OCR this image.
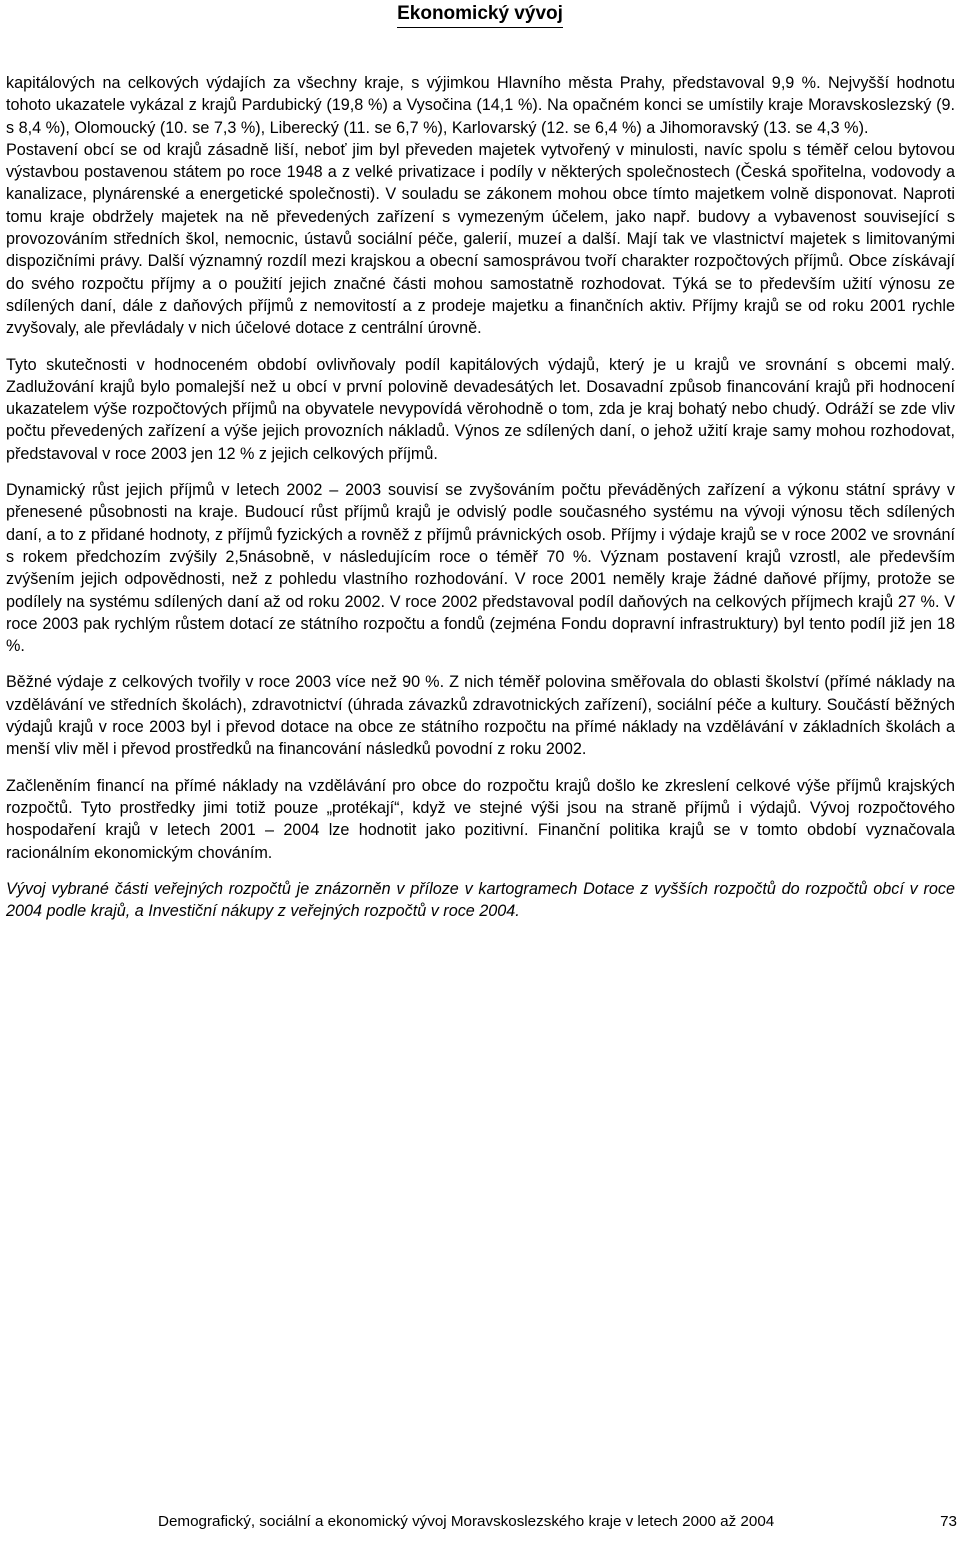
Ekonomický vývoj

kapitálových na celkových výdajích za všechny kraje, s výjimkou Hlavního města Prahy, představoval 9,9 %. Nejvyšší hodnotu tohoto ukazatele vykázal z krajů Pardubický (19,8 %) a Vysočina (14,1 %). Na opačném konci se umístily kraje Moravskoslezský (9. s 8,4 %), Olomoucký (10. se 7,3 %), Liberecký (11. se 6,7 %), Karlovarský (12. se 6,4 %) a Jihomoravský (13. se 4,3 %).

Postavení obcí se od krajů zásadně liší, neboť jim byl převeden majetek vytvořený v minulosti, navíc spolu s téměř celou bytovou výstavbou postavenou státem po roce 1948 a z velké privatizace i podíly v některých společnostech (Česká spořitelna, vodovody a kanalizace, plynárenské a energetické společnosti). V souladu se zákonem mohou obce tímto majetkem volně disponovat. Naproti tomu kraje obdržely majetek na ně převedených zařízení s vymezeným účelem, jako např. budovy a vybavenost související s provozováním středních škol, nemocnic, ústavů sociální péče, galerií, muzeí a další. Mají tak ve vlastnictví majetek s limitovanými dispozičními právy. Další významný rozdíl mezi krajskou a obecní samosprávou tvoří charakter rozpočtových příjmů. Obce získávají do svého rozpočtu příjmy a o použití jejich značné části mohou samostatně rozhodovat. Týká se to především užití výnosu ze sdílených daní, dále z daňových příjmů z nemovitostí a z prodeje majetku a finančních aktiv. Příjmy krajů se od roku 2001 rychle zvyšovaly, ale převládaly v nich účelové dotace z centrální úrovně.

Tyto skutečnosti v hodnoceném období ovlivňovaly podíl kapitálových výdajů, který je u krajů ve srovnání s obcemi malý. Zadlužování krajů bylo pomalejší než u obcí v první polovině devadesátých let. Dosavadní způsob financování krajů při hodnocení ukazatelem výše rozpočtových příjmů na obyvatele nevypovídá věrohodně o tom, zda je kraj bohatý nebo chudý. Odráží se zde vliv počtu převedených zařízení a výše jejich provozních nákladů. Výnos ze sdílených daní, o jehož užití kraje samy mohou rozhodovat, představoval v roce 2003 jen 12 % z jejich celkových příjmů.

Dynamický růst jejich příjmů v letech 2002 – 2003 souvisí se zvyšováním počtu převáděných zařízení a výkonu státní správy v přenesené působnosti na kraje. Budoucí růst příjmů krajů je odvislý podle současného systému na vývoji výnosu těch sdílených daní, a to z přidané hodnoty, z příjmů fyzických a rovněž z příjmů právnických osob. Příjmy i výdaje krajů se v roce 2002 ve srovnání s rokem předchozím zvýšily 2,5násobně, v následujícím roce o téměř 70 %. Význam postavení krajů vzrostl, ale především zvýšením jejich odpovědnosti, než z pohledu vlastního rozhodování. V roce 2001 neměly kraje žádné daňové příjmy, protože se podílely na systému sdílených daní až od roku 2002. V roce 2002 představoval podíl daňových na celkových příjmech krajů 27 %. V roce 2003 pak rychlým růstem dotací ze státního rozpočtu a fondů (zejména Fondu dopravní infrastruktury) byl tento podíl již jen 18 %.

Běžné výdaje z celkových tvořily v roce 2003 více než 90 %. Z nich téměř polovina směřovala do oblasti školství (přímé náklady na vzdělávání ve středních školách), zdravotnictví (úhrada závazků zdravotnických zařízení), sociální péče a kultury. Součástí běžných výdajů krajů v roce 2003 byl i převod dotace na obce ze státního rozpočtu na přímé náklady na vzdělávání v základních školách a menší vliv měl i převod prostředků na financování následků povodní z roku 2002.

Začleněním financí na přímé náklady na vzdělávání pro obce do rozpočtu krajů došlo ke zkreslení celkové výše příjmů krajských rozpočtů. Tyto prostředky jimi totiž pouze „protékají“, když ve stejné výši jsou na straně příjmů i výdajů. Vývoj rozpočtového hospodaření krajů v letech 2001 – 2004 lze hodnotit jako pozitivní. Finanční politika krajů se v tomto období vyznačovala racionálním ekonomickým chováním.

Vývoj vybrané části veřejných rozpočtů je znázorněn v příloze v kartogramech Dotace z vyšších rozpočtů do rozpočtů obcí v roce 2004 podle krajů, a Investiční nákupy z veřejných rozpočtů v roce 2004.

Demografický, sociální a ekonomický vývoj Moravskoslezského kraje v letech 2000 až 2004	73
